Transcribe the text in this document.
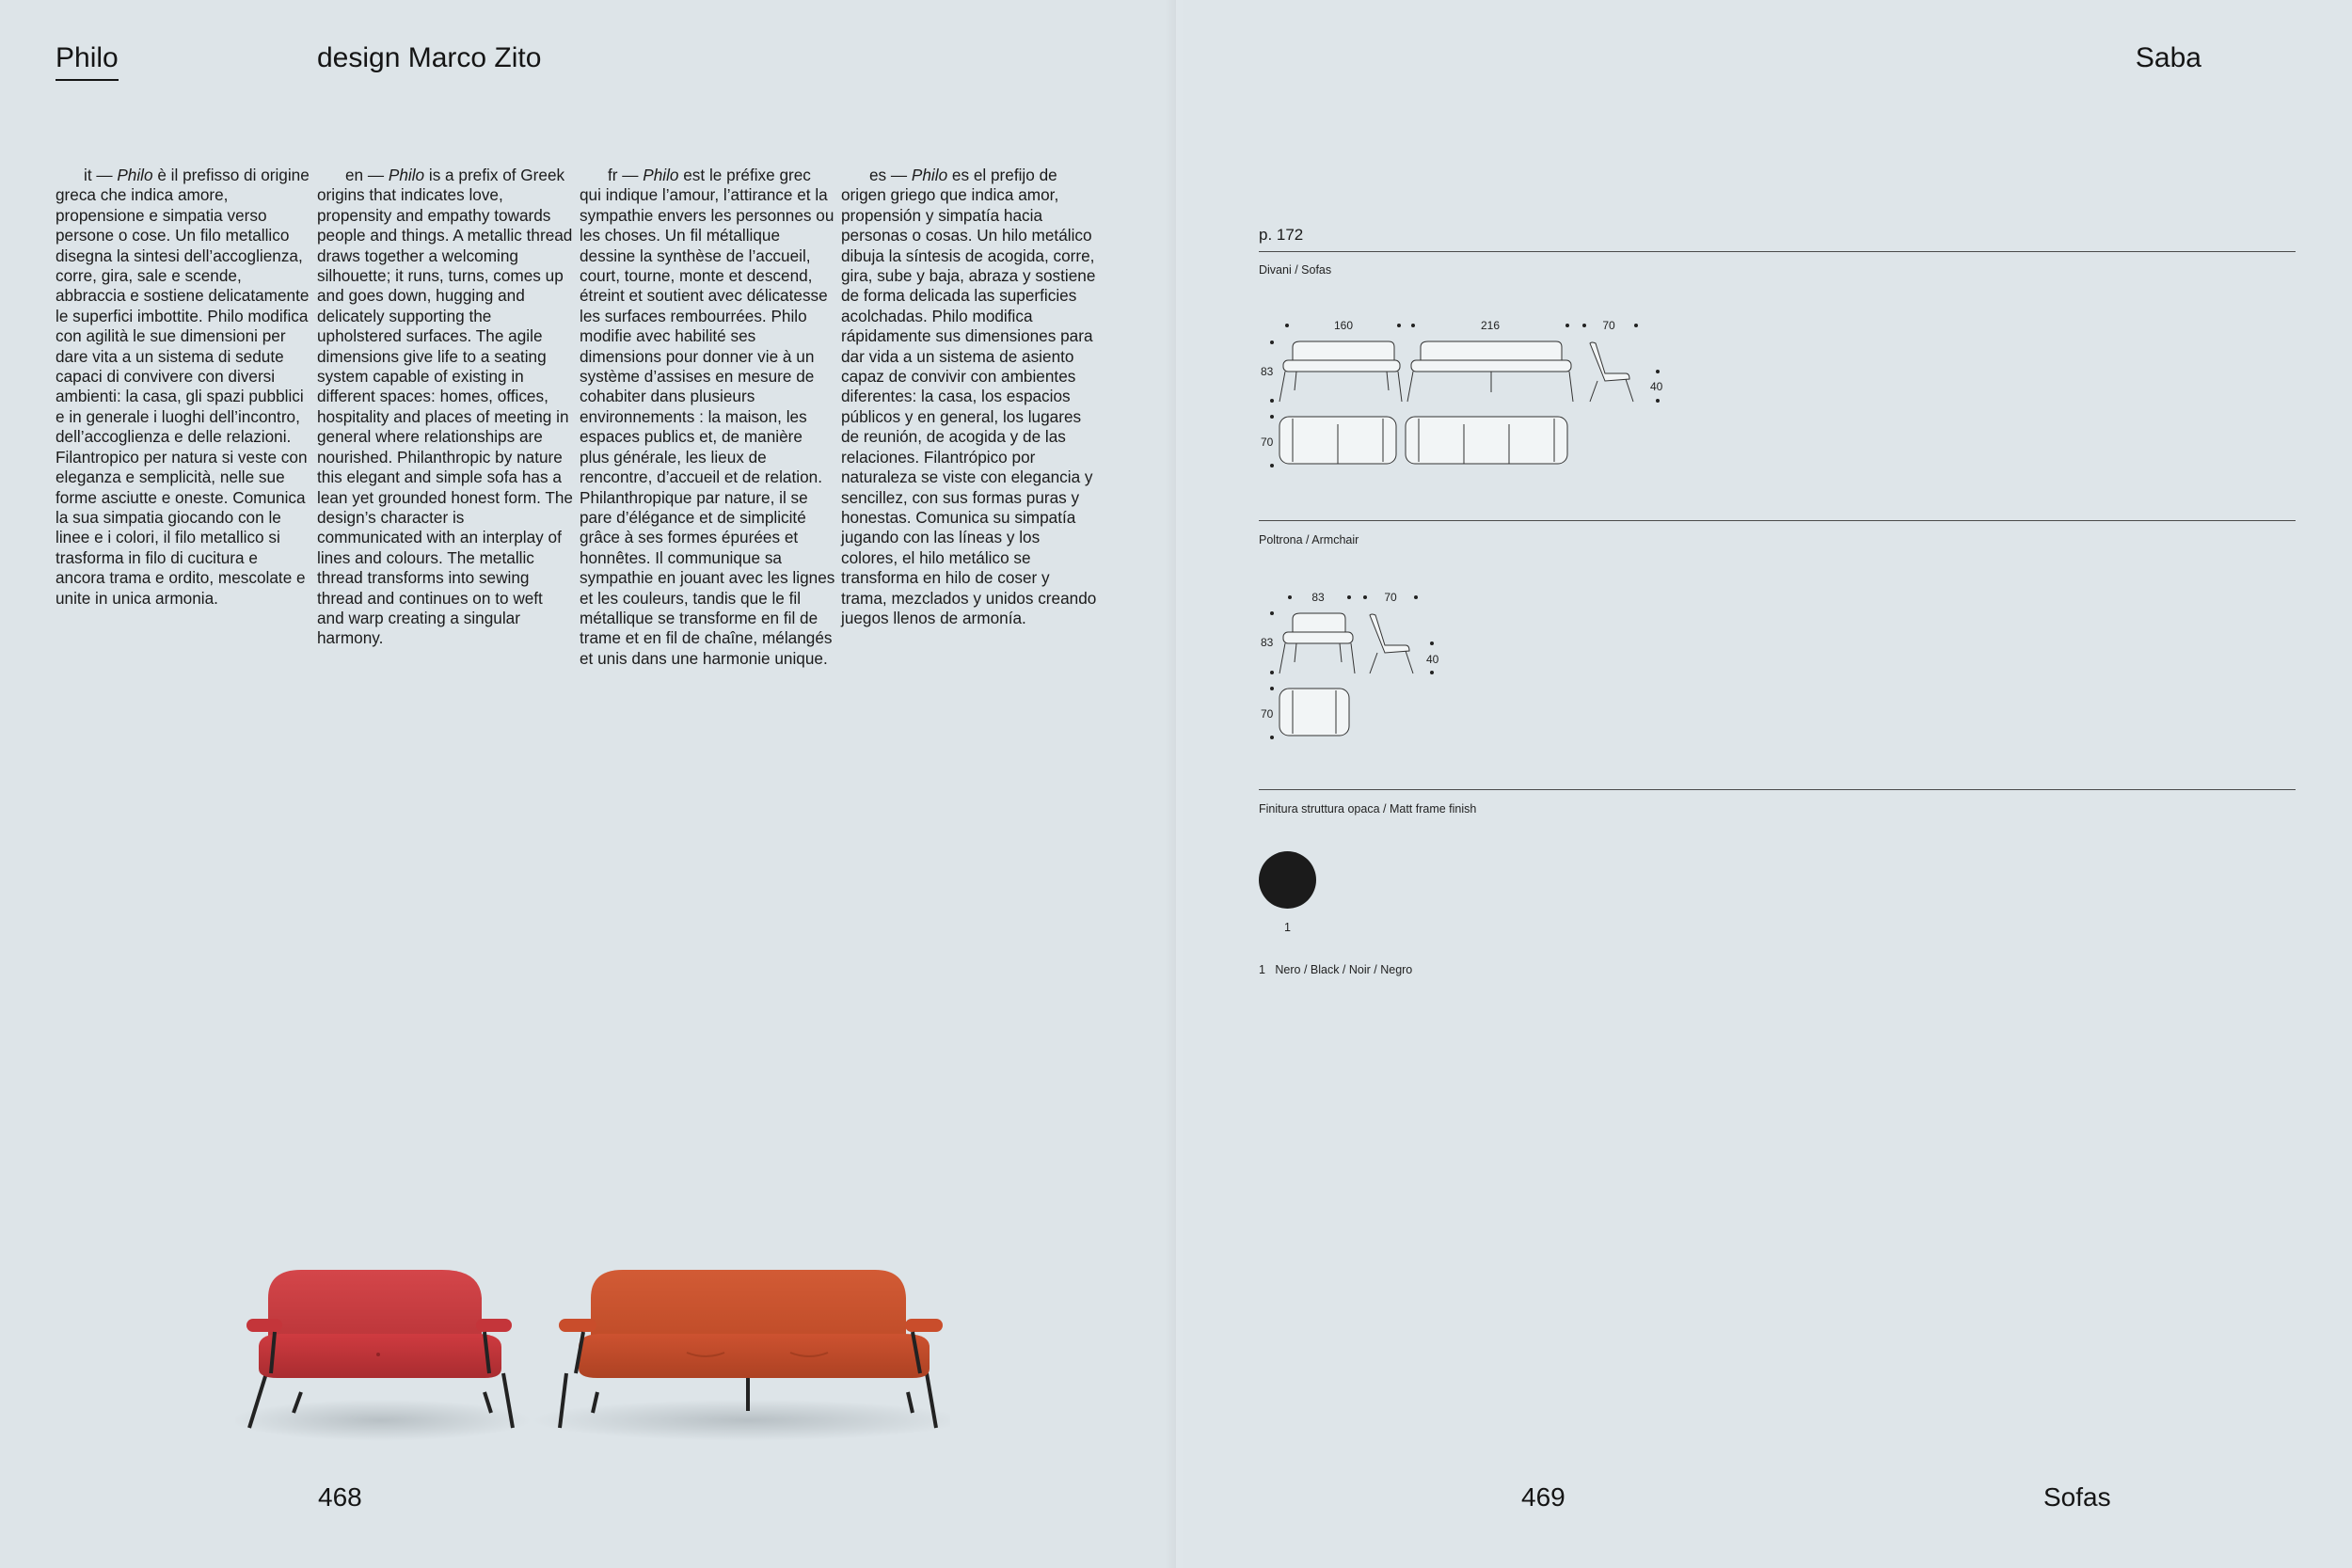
Philo	design Marco Zito

it — Philo è il prefisso di origine greca che indica amore, propensione e simpatia verso persone o cose. Un filo metallico disegna la sintesi dell’accoglienza, corre, gira, sale e scende, abbraccia e sostiene delicatamente le superfici imbottite. Philo modifica con agilità le sue dimensioni per dare vita a un sistema di sedute capaci di convivere con diversi ambienti: la casa, gli spazi pubblici e in generale i luoghi dell’incontro, dell’accoglienza e delle relazioni. Filantropico per natura si veste con eleganza e semplicità, nelle sue forme asciutte e oneste. Comunica la sua simpatia giocando con le linee e i colori, il filo metallico si trasforma in filo di cucitura e ancora trama e ordito, mescolate e unite in unica armonia.

en — Philo is a prefix of Greek origins that indicates love, propensity and empathy towards people and things. A metallic thread draws together a welcoming silhouette; it runs, turns, comes up and goes down, hugging and delicately supporting the upholstered surfaces. The agile dimensions give life to a seating system capable of existing in different spaces: homes, offices, hospitality and places of meeting in general where relationships are nourished. Philanthropic by nature this elegant and simple sofa has a lean yet grounded honest form. The design’s character is communicated with an interplay of lines and colours. The metallic thread transforms into sewing thread and continues on to weft and warp creating a singular harmony.

fr — Philo est le préfixe grec qui indique l’amour, l’attirance et la sympathie envers les personnes ou les choses. Un fil métallique dessine la synthèse de l’accueil, court, tourne, monte et descend, étreint et soutient avec délicatesse les surfaces rembourrées. Philo modifie avec habilité ses dimensions pour donner vie à un système d’assises en mesure de cohabiter dans plusieurs environnements : la maison, les espaces publics et, de manière plus générale, les lieux de rencontre, d’accueil et de relation. Philanthropique par nature, il se pare d’élégance et de simplicité grâce à ses formes épurées et honnêtes. Il communique sa sympathie en jouant avec les lignes et les couleurs, tandis que le fil métallique se transforme en fil de trame et en fil de chaîne, mélangés et unis dans une harmonie unique.

es — Philo es el prefijo de origen griego que indica amor, propensión y simpatía hacia personas o cosas. Un hilo metálico dibuja la síntesis de acogida, corre, gira, sube y baja, abraza y sostiene de forma delicada las superficies acolchadas. Philo modifica rápidamente sus dimensiones para dar vida a un sistema de asiento capaz de convivir con ambientes diferentes: la casa, los espacios públicos y en general, los lugares de reunión, de acogida y de las relaciones. Filantrópico por naturaleza se viste con elegancia y sencillez, con sus formas puras y honestas. Comunica su simpatía jugando con las líneas y los colores, el hilo metálico se transforma en hilo de coser y trama, mezclados y unidos creando juegos llenos de armonía.

468
Saba
p. 172
Divani / Sofas
160	216	70
83
40
70
Poltrona / Armchair
83	70
83
40
70
Finitura struttura opaca / Matt frame finish
1
1 Nero / Black / Noir / Negro
469	Sofas
